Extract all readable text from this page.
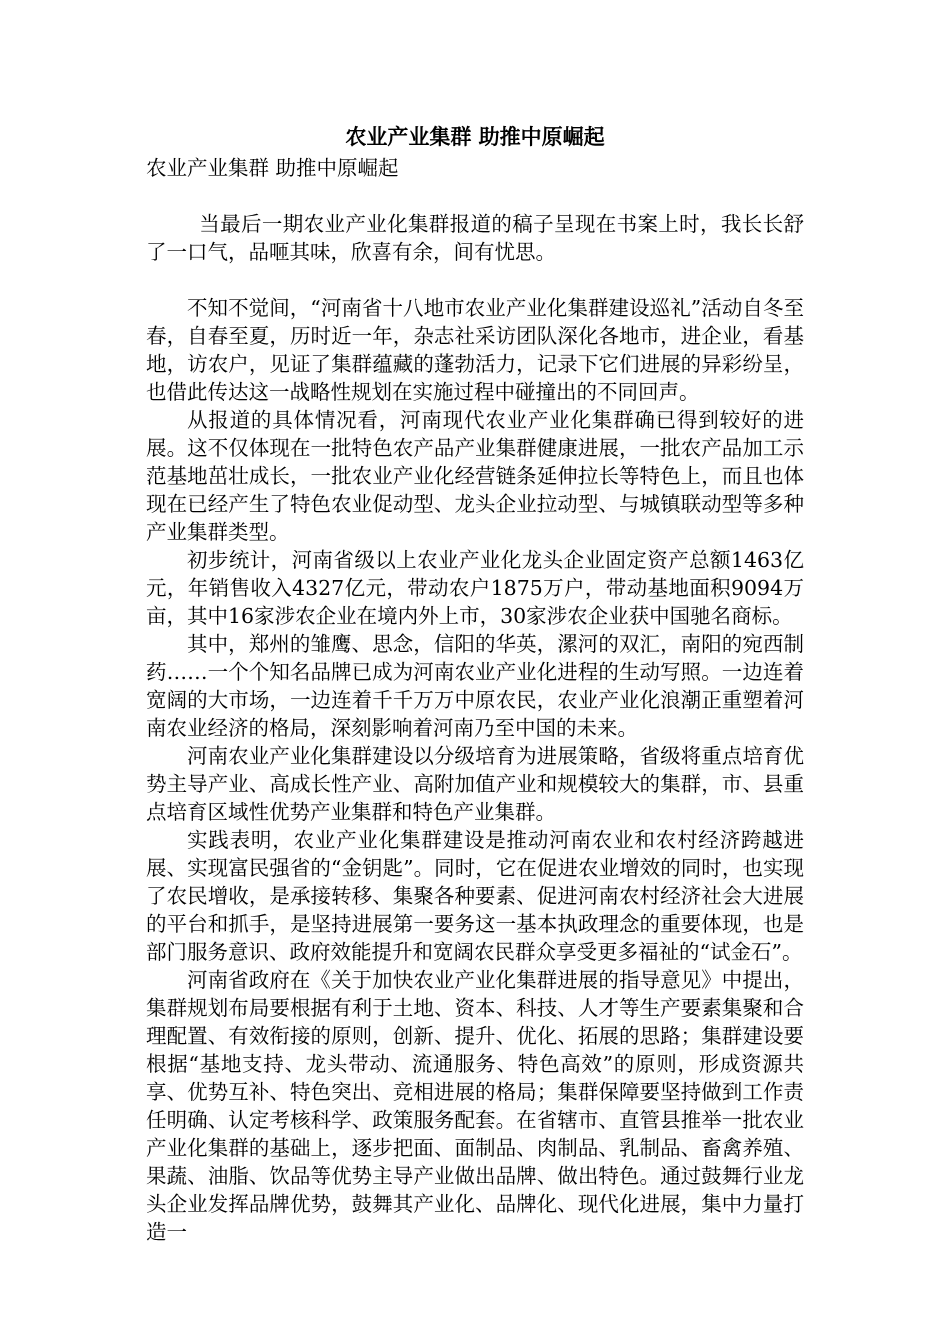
农业产业集群 助推中原崛起

农业产业集群 助推中原崛起

当最后一期农业产业化集群报道的稿子呈现在书案上时，我长长舒了一口气，品咂其味，欣喜有余，间有忧思。

不知不觉间，“河南省十八地市农业产业化集群建设巡礼”活动自冬至春，自春至夏，历时近一年，杂志社采访团队深化各地市，进企业，看基地，访农户，见证了集群蕴藏的蓬勃活力，记录下它们进展的异彩纷呈，也借此传达这一战略性规划在实施过程中碰撞出的不同回声。

从报道的具体情况看，河南现代农业产业化集群确已得到较好的进展。这不仅体现在一批特色农产品产业集群健康进展，一批农产品加工示范基地茁壮成长，一批农业产业化经营链条延伸拉长等特色上，而且也体现在已经产生了特色农业促动型、龙头企业拉动型、与城镇联动型等多种产业集群类型。

初步统计，河南省级以上农业产业化龙头企业固定资产总额1463亿元，年销售收入4327亿元，带动农户1875万户，带动基地面积9094万亩，其中16家涉农企业在境内外上市，30家涉农企业获中国驰名商标。

其中，郑州的雏鹰、思念，信阳的华英，漯河的双汇，南阳的宛西制药……一个个知名品牌已成为河南农业产业化进程的生动写照。一边连着宽阔的大市场，一边连着千千万万中原农民，农业产业化浪潮正重塑着河南农业经济的格局，深刻影响着河南乃至中国的未来。

河南农业产业化集群建设以分级培育为进展策略，省级将重点培育优势主导产业、高成长性产业、高附加值产业和规模较大的集群，市、县重点培育区域性优势产业集群和特色产业集群。

实践表明，农业产业化集群建设是推动河南农业和农村经济跨越进展、实现富民强省的“金钥匙”。同时，它在促进农业增效的同时，也实现了农民增收，是承接转移、集聚各种要素、促进河南农村经济社会大进展的平台和抓手，是坚持进展第一要务这一基本执政理念的重要体现，也是部门服务意识、政府效能提升和宽阔农民群众享受更多福祉的“试金石”。

河南省政府在《关于加快农业产业化集群进展的指导意见》中提出，集群规划布局要根据有利于土地、资本、科技、人才等生产要素集聚和合理配置、有效衔接的原则，创新、提升、优化、拓展的思路；集群建设要根据“基地支持、龙头带动、流通服务、特色高效”的原则，形成资源共享、优势互补、特色突出、竞相进展的格局；集群保障要坚持做到工作责任明确、认定考核科学、政策服务配套。在省辖市、直管县推举一批农业产业化集群的基础上，逐步把面、面制品、肉制品、乳制品、畜禽养殖、果蔬、油脂、饮品等优势主导产业做出品牌、做出特色。通过鼓舞行业龙头企业发挥品牌优势，鼓舞其产业化、品牌化、现代化进展，集中力量打造一
